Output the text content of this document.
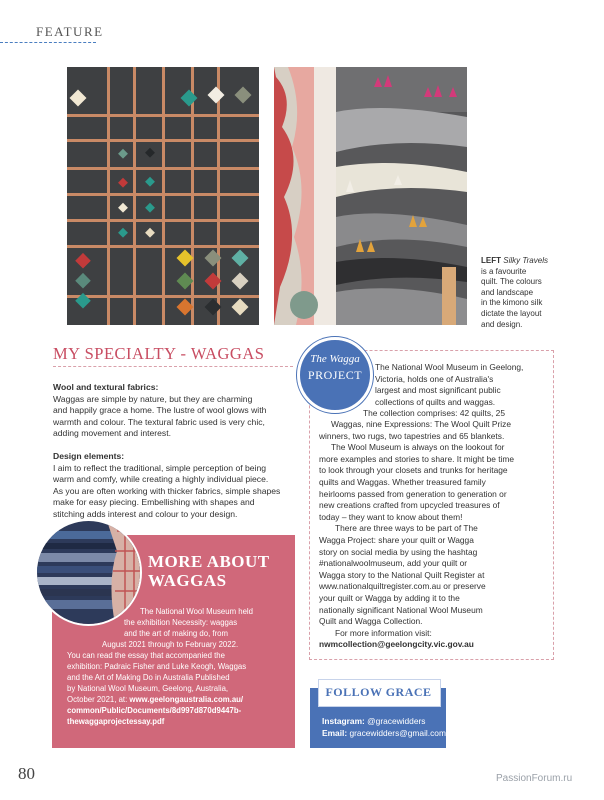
FEATURE
LEFT Silky Travels
is a favourite
quilt. The colours
and landscape
in the kimono silk
dictate the layout
and design.
MY SPECIALTY - WAGGAS
Wool and textural fabrics:
Waggas are simple by nature, but they are charming
and happily grace a home. The lustre of wool glows with
warmth and colour. The textural fabric used is very chic,
adding movement and interest.
Design elements:
I aim to reflect the traditional, simple perception of being
warm and comfy, while creating a highly individual piece.
As you are often working with thicker fabrics, simple shapes
make for easy piecing. Embellishing with shapes and
stitching adds interest and colour to your design.
MORE ABOUT
WAGGAS
The National Wool Museum held
the exhibition Necessity: waggas
and the art of making do, from
August 2021 through to February 2022.
You can read the essay that accompanied the
exhibition: Padraic Fisher and Luke Keogh, Waggas
and the Art of Making Do in Australia Published
by National Wool Museum, Geelong, Australia,
October 2021, at: www.geelongaustralia.com.au/
common/Public/Documents/8d997d870d9447b-
thewaggaprojectessay.pdf
The Wagga
PROJECT
The National Wool Museum in Geelong,
Victoria, holds one of Australia's
largest and most significant public
collections of quilts and waggas.
The collection comprises: 42 quilts, 25
Waggas, nine Expressions: The Wool Quilt Prize
winners, two rugs, two tapestries and 65 blankets.
The Wool Museum is always on the lookout for
more examples and stories to share. It might be time
to look through your closets and trunks for heritage
quilts and Waggas. Whether treasured family
heirlooms passed from generation to generation or
new creations crafted from upcycled treasures of
today – they want to know about them!
There are three ways to be part of The
Wagga Project: share your quilt or Wagga
story on social media by using the hashtag
#nationalwoolmuseum, add your quilt or
Wagga story to the National Quilt Register at
www.nationalquiltregister.com.au or preserve
your quilt or Wagga by adding it to the
nationally significant National Wool Museum
Quilt and Wagga Collection.
For more information visit:
nwmcollection@geelongcity.vic.gov.au
FOLLOW GRACE
Instagram: @gracewidders
Email: gracewidders@gmail.com
80	PassionForum.ru
